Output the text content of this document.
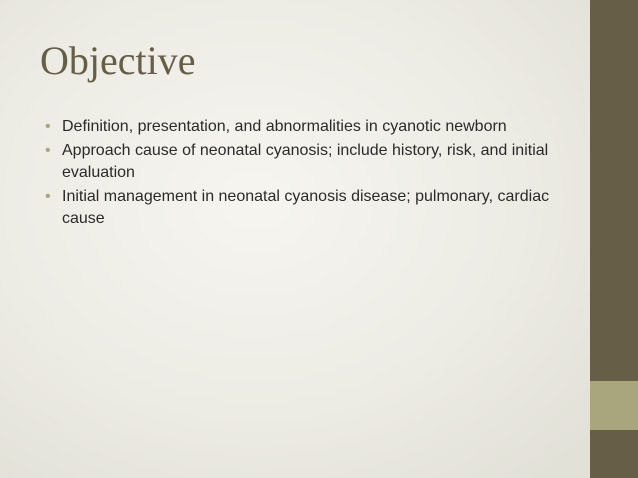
Objective
• Definition, presentation, and abnormalities in cyanotic newborn
• Approach cause of neonatal cyanosis; include history, risk, and initial evaluation
• Initial management in neonatal cyanosis disease; pulmonary, cardiac cause
